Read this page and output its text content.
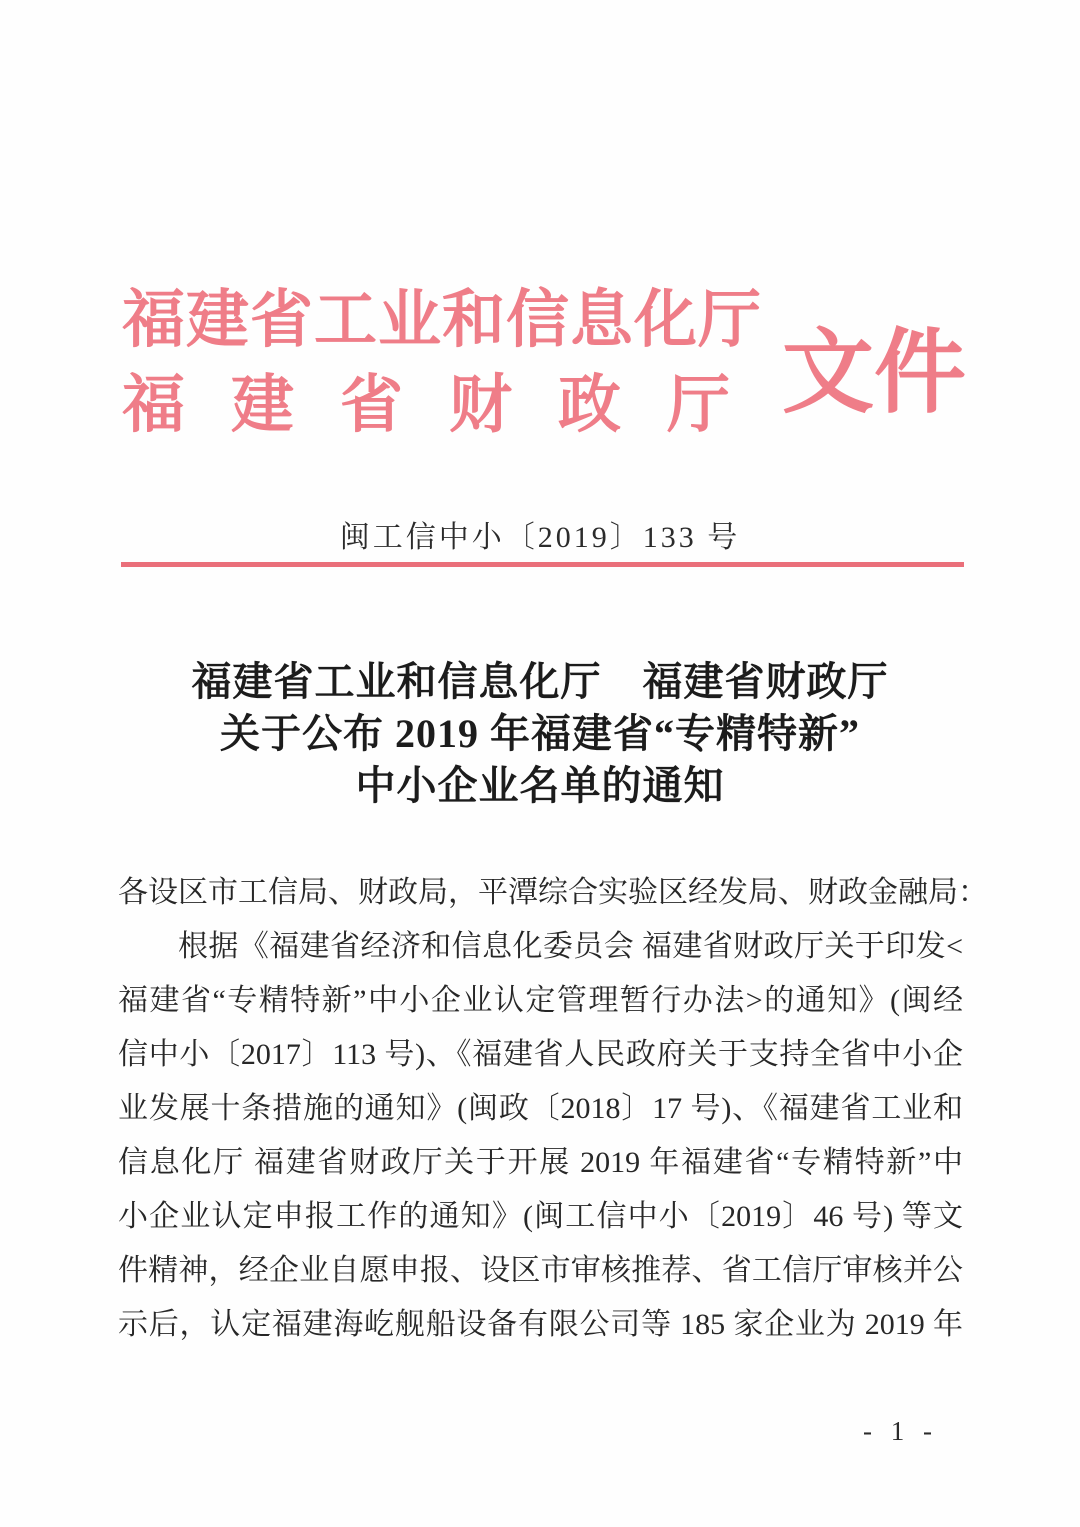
福建省工业和信息化厅
福建省财政厅 文件
闽工信中小〔2019〕133 号
福建省工业和信息化厅　福建省财政厅
关于公布 2019 年福建省“专精特新”
中小企业名单的通知
各设区市工信局、财政局，平潭综合实验区经发局、财政金融局：
根据《福建省经济和信息化委员会 福建省财政厅关于印发<
福建省“专精特新”中小企业认定管理暂行办法>的通知》(闽经
信中小〔2017〕113 号)、《福建省人民政府关于支持全省中小企
业发展十条措施的通知》(闽政〔2018〕17 号)、《福建省工业和
信息化厅 福建省财政厅关于开展 2019 年福建省“专精特新”中
小企业认定申报工作的通知》(闽工信中小〔2019〕46 号) 等文
件精神，经企业自愿申报、设区市审核推荐、省工信厅审核并公
示后，认定福建海屹舰船设备有限公司等 185 家企业为 2019 年
- 1 -
